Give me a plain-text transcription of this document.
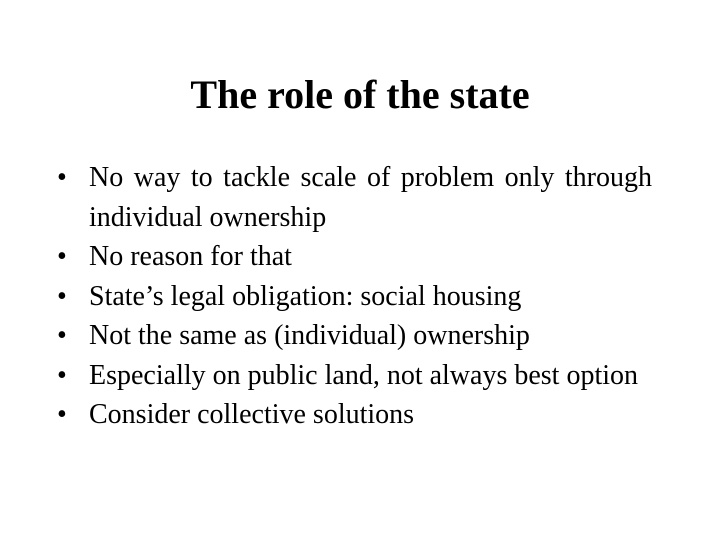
The role of the state
• No way to tackle scale of problem only through individual ownership
• No reason for that
• State’s legal obligation: social housing
• Not the same as (individual) ownership
• Especially on public land, not always best option
• Consider collective solutions
